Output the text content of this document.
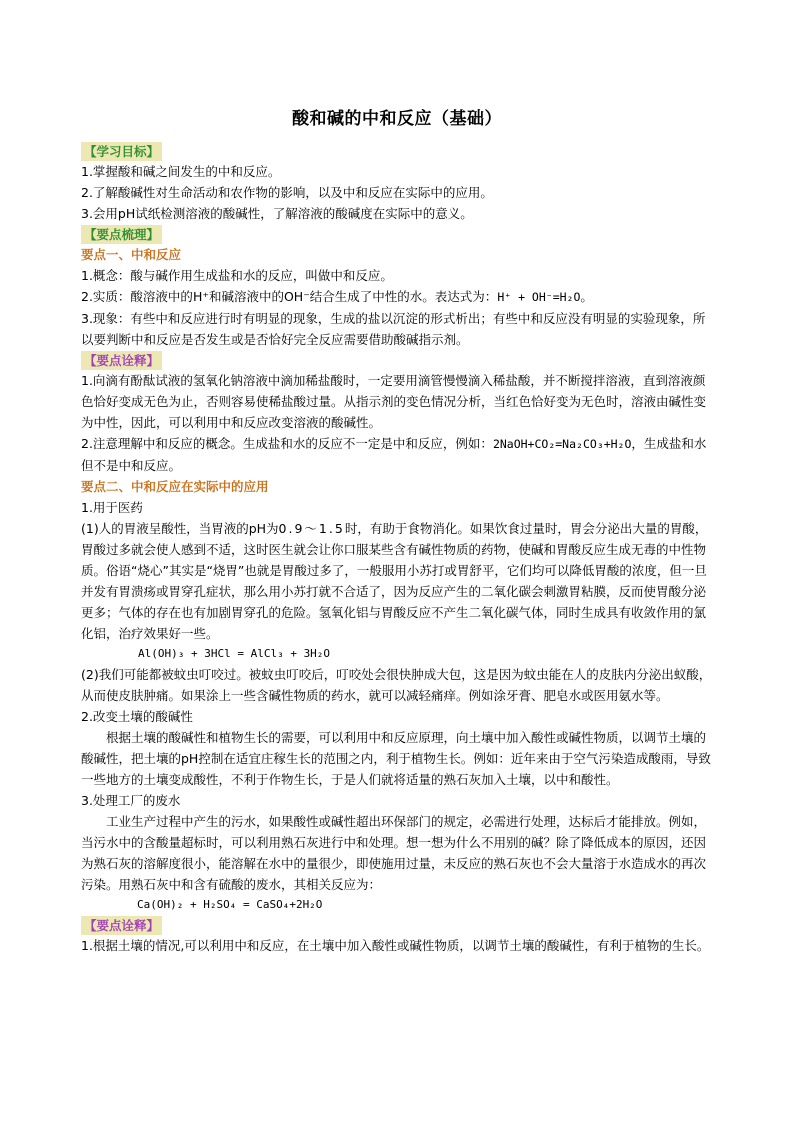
酸和碱的中和反应（基础）
【学习目标】

1.掌握酸和碱之间发生的中和反应。

2.了解酸碱性对生命活动和农作物的影响，以及中和反应在实际中的应用。

3.会用pH试纸检测溶液的酸碱性，了解溶液的酸碱度在实际中的意义。

【要点梳理】
要点一、中和反应

1.概念：酸与碱作用生成盐和水的反应，叫做中和反应。

2.实质：酸溶液中的H⁺和碱溶液中的OH⁻结合生成了中性的水。表达式为：H⁺ + OH⁻=H₂O。

3.现象：有些中和反应进行时有明显的现象，生成的盐以沉淀的形式析出；有些中和反应没有明显的实验现象，所以要判断中和反应是否发生或是否恰好完全反应需要借助酸碱指示剂。

【要点诠释】

1.向滴有酚酞试液的氢氧化钠溶液中滴加稀盐酸时，一定要用滴管慢慢滴入稀盐酸，并不断搅拌溶液，直到溶液颜色恰好变成无色为止，否则容易使稀盐酸过量。从指示剂的变色情况分析，当红色恰好变为无色时，溶液由碱性变为中性，因此，可以利用中和反应改变溶液的酸碱性。

2.注意理解中和反应的概念。生成盐和水的反应不一定是中和反应，例如：2NaOH+CO₂=Na₂CO₃+H₂O，生成盐和水但不是中和反应。

要点二、中和反应在实际中的应用
1.用于医药

(1)人的胃液呈酸性，当胃液的pH为0.9～1.5时，有助于食物消化。如果饮食过量时，胃会分泌出大量的胃酸，胃酸过多就会使人感到不适，这时医生就会让你口服某些含有碱性物质的药物，使碱和胃酸反应生成无毒的中性物质。俗语“烧心”其实是“烧胃”也就是胃酸过多了，一般服用小苏打或胃舒平，它们均可以降低胃酸的浓度，但一旦并发有胃溃疡或胃穿孔症状，那么用小苏打就不合适了，因为反应产生的二氧化碳会刺激胃粘膜，反而使胃酸分泌更多；气体的存在也有加剧胃穿孔的危险。氢氧化铝与胃酸反应不产生二氧化碳气体，同时生成具有收敛作用的氯化铝，治疗效果好一些。

Al(OH)₃ + 3HCl = AlCl₃ + 3H₂O

(2)我们可能都被蚊虫叮咬过。被蚊虫叮咬后，叮咬处会很快肿成大包，这是因为蚊虫能在人的皮肤内分泌出蚁酸，从而使皮肤肿痛。如果涂上一些含碱性物质的药水，就可以减轻痛痒。例如涂牙膏、肥皂水或医用氨水等。

2.改变土壤的酸碱性

根据土壤的酸碱性和植物生长的需要，可以利用中和反应原理，向土壤中加入酸性或碱性物质，以调节土壤的酸碱性，把土壤的pH控制在适宜庄稼生长的范围之内，利于植物生长。例如：近年来由于空气污染造成酸雨，导致一些地方的土壤变成酸性，不利于作物生长，于是人们就将适量的熟石灰加入土壤，以中和酸性。

3.处理工厂的废水

工业生产过程中产生的污水，如果酸性或碱性超出环保部门的规定，必需进行处理，达标后才能排放。例如，当污水中的含酸量超标时，可以利用熟石灰进行中和处理。想一想为什么不用别的碱？除了降低成本的原因，还因为熟石灰的溶解度很小，能溶解在水中的量很少，即使施用过量，未反应的熟石灰也不会大量溶于水造成水的再次污染。用熟石灰中和含有硫酸的废水，其相关反应为：

Ca(OH)₂ + H₂SO₄ = CaSO₄+2H₂O
【要点诠释】

1.根据土壤的情况,可以利用中和反应，在土壤中加入酸性或碱性物质，以调节土壤的酸碱性，有利于植物的生长。
